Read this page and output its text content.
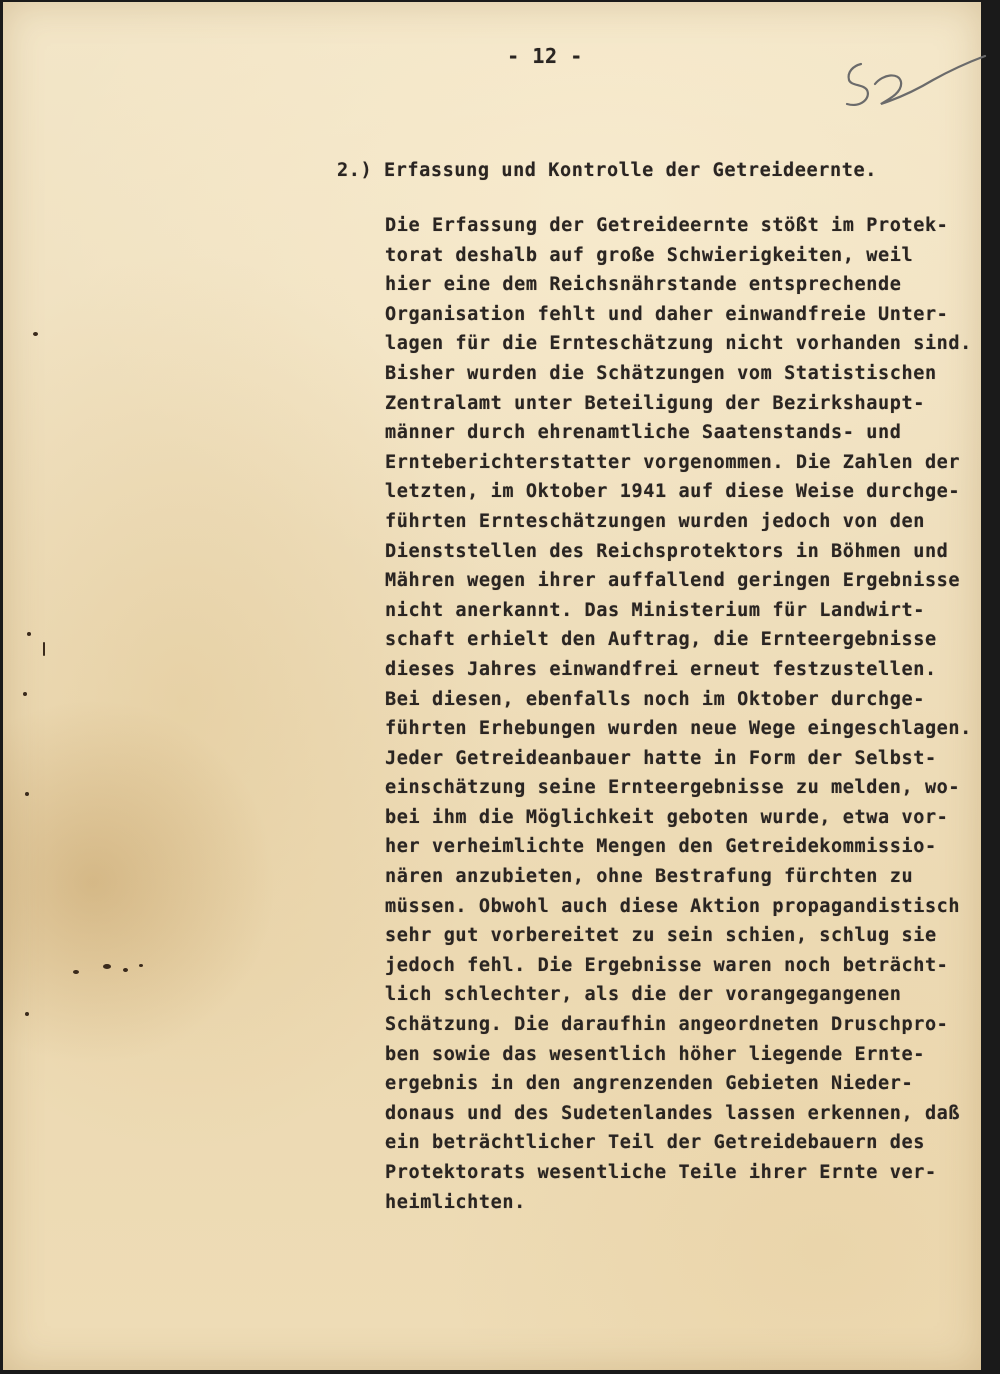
- 12 -
2.) Erfassung und Kontrolle der Getreideernte.
Die Erfassung der Getreideernte stößt im Protek-
torat deshalb auf große Schwierigkeiten, weil
hier eine dem Reichsnährstande entsprechende
Organisation fehlt und daher einwandfreie Unter-
lagen für die Ernteschätzung nicht vorhanden sind.
Bisher wurden die Schätzungen vom Statistischen
Zentralamt unter Beteiligung der Bezirkshaupt-
männer durch ehrenamtliche Saatenstands- und
Ernteberichterstatter vorgenommen. Die Zahlen der
letzten, im Oktober 1941 auf diese Weise durchge-
führten Ernteschätzungen wurden jedoch von den
Dienststellen des Reichsprotektors in Böhmen und
Mähren wegen ihrer auffallend geringen Ergebnisse
nicht anerkannt. Das Ministerium für Landwirt-
schaft erhielt den Auftrag, die Ernteergebnisse
dieses Jahres einwandfrei erneut festzustellen.
Bei diesen, ebenfalls noch im Oktober durchge-
führten Erhebungen wurden neue Wege eingeschlagen.
Jeder Getreideanbauer hatte in Form der Selbst-
einschätzung seine Ernteergebnisse zu melden, wo-
bei ihm die Möglichkeit geboten wurde, etwa vor-
her verheimlichte Mengen den Getreidekommissio-
nären anzubieten, ohne Bestrafung fürchten zu
müssen. Obwohl auch diese Aktion propagandistisch
sehr gut vorbereitet zu sein schien, schlug sie
jedoch fehl. Die Ergebnisse waren noch beträcht-
lich schlechter, als die der vorangegangenen
Schätzung. Die daraufhin angeordneten Druschpro-
ben sowie das wesentlich höher liegende Ernte-
ergebnis in den angrenzenden Gebieten Nieder-
donaus und des Sudetenlandes lassen erkennen, daß
ein beträchtlicher Teil der Getreidebauern des
Protektorats wesentliche Teile ihrer Ernte ver-
heimlichten.
